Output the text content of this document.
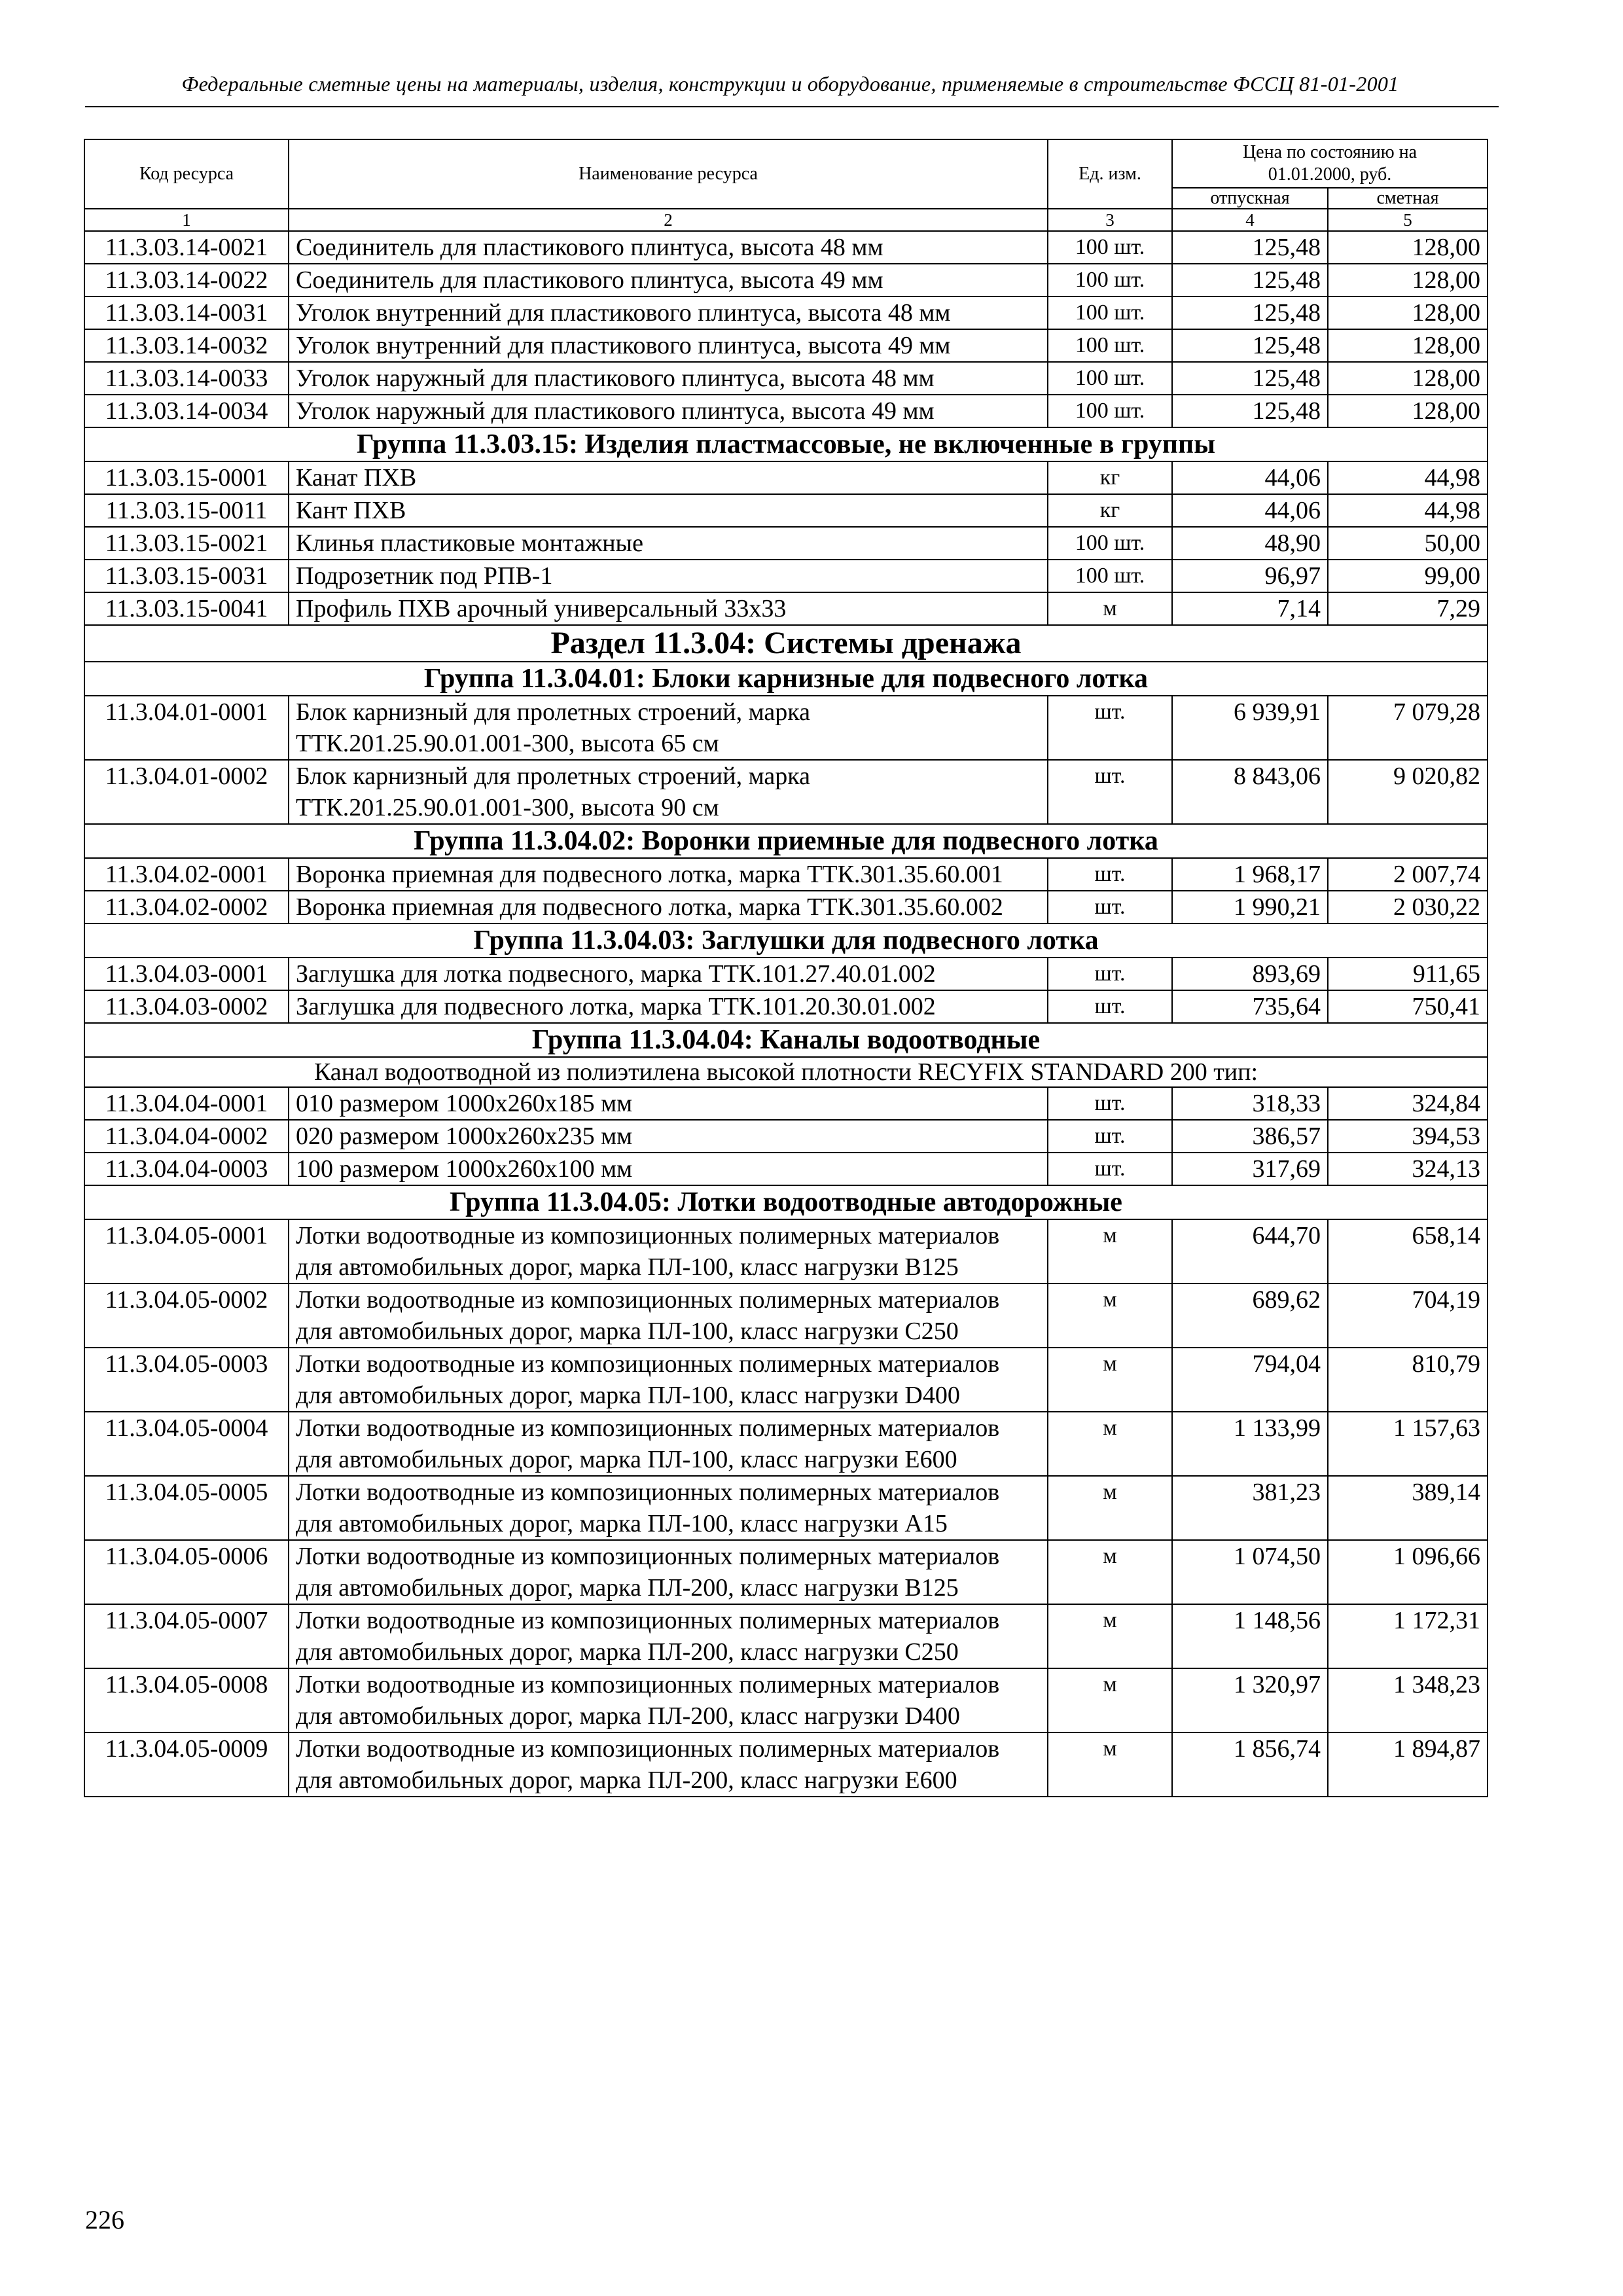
Федеральные сметные цены на материалы, изделия, конструкции и оборудование, применяемые в строительстве ФССЦ 81-01-2001
Код ресурса	Наименование ресурса	Ед. изм.	Цена по состоянию на 01.01.2000, руб.	
			отпускная	сметная
1	2	3	4	5
11.3.03.14-0021	Соединитель для пластикового плинтуса, высота 48 мм	100 шт.	125,48	128,00
11.3.03.14-0022	Соединитель для пластикового плинтуса, высота 49 мм	100 шт.	125,48	128,00
11.3.03.14-0031	Уголок внутренний для пластикового плинтуса, высота 48 мм	100 шт.	125,48	128,00
11.3.03.14-0032	Уголок внутренний для пластикового плинтуса, высота 49 мм	100 шт.	125,48	128,00
11.3.03.14-0033	Уголок наружный для пластикового плинтуса, высота 48 мм	100 шт.	125,48	128,00
11.3.03.14-0034	Уголок наружный для пластикового плинтуса, высота 49 мм	100 шт.	125,48	128,00
Группа 11.3.03.15: Изделия пластмассовые, не включенные в группы				
11.3.03.15-0001	Канат ПХВ	кг	44,06	44,98
11.3.03.15-0011	Кант ПХВ	кг	44,06	44,98
11.3.03.15-0021	Клинья пластиковые монтажные	100 шт.	48,90	50,00
11.3.03.15-0031	Подрозетник под РПВ-1	100 шт.	96,97	99,00
11.3.03.15-0041	Профиль ПХВ арочный универсальный 33х33	м	7,14	7,29
Раздел 11.3.04: Системы дренажа				
Группа 11.3.04.01: Блоки карнизные для подвесного лотка				
11.3.04.01-0001	Блок карнизный для пролетных строений, марка ТТК.201.25.90.01.001-300, высота 65 см	шт.	6 939,91	7 079,28
11.3.04.01-0002	Блок карнизный для пролетных строений, марка ТТК.201.25.90.01.001-300, высота 90 см	шт.	8 843,06	9 020,82
Группа 11.3.04.02: Воронки приемные для подвесного лотка				
11.3.04.02-0001	Воронка приемная для подвесного лотка, марка ТТК.301.35.60.001	шт.	1 968,17	2 007,74
11.3.04.02-0002	Воронка приемная для подвесного лотка, марка ТТК.301.35.60.002	шт.	1 990,21	2 030,22
Группа 11.3.04.03: Заглушки для подвесного лотка				
11.3.04.03-0001	Заглушка для лотка подвесного, марка ТТК.101.27.40.01.002	шт.	893,69	911,65
11.3.04.03-0002	Заглушка для подвесного лотка, марка ТТК.101.20.30.01.002	шт.	735,64	750,41
Группа 11.3.04.04: Каналы водоотводные				
Канал водоотводной из полиэтилена высокой плотности RECYFIX STANDARD 200 тип:				
11.3.04.04-0001	010 размером 1000х260х185 мм	шт.	318,33	324,84
11.3.04.04-0002	020 размером 1000х260х235 мм	шт.	386,57	394,53
11.3.04.04-0003	100 размером 1000х260х100 мм	шт.	317,69	324,13
Группа 11.3.04.05: Лотки водоотводные автодорожные				
11.3.04.05-0001	Лотки водоотводные из композиционных полимерных материалов для автомобильных дорог, марка ПЛ-100, класс нагрузки В125	м	644,70	658,14
11.3.04.05-0002	Лотки водоотводные из композиционных полимерных материалов для автомобильных дорог, марка ПЛ-100, класс нагрузки С250	м	689,62	704,19
11.3.04.05-0003	Лотки водоотводные из композиционных полимерных материалов для автомобильных дорог, марка ПЛ-100, класс нагрузки D400	м	794,04	810,79
11.3.04.05-0004	Лотки водоотводные из композиционных полимерных материалов для автомобильных дорог, марка ПЛ-100, класс нагрузки Е600	м	1 133,99	1 157,63
11.3.04.05-0005	Лотки водоотводные из композиционных полимерных материалов для автомобильных дорог, марка ПЛ-100, класс нагрузки А15	м	381,23	389,14
11.3.04.05-0006	Лотки водоотводные из композиционных полимерных материалов для автомобильных дорог, марка ПЛ-200, класс нагрузки В125	м	1 074,50	1 096,66
11.3.04.05-0007	Лотки водоотводные из композиционных полимерных материалов для автомобильных дорог, марка ПЛ-200, класс нагрузки С250	м	1 148,56	1 172,31
11.3.04.05-0008	Лотки водоотводные из композиционных полимерных материалов для автомобильных дорог, марка ПЛ-200, класс нагрузки D400	м	1 320,97	1 348,23
11.3.04.05-0009	Лотки водоотводные из композиционных полимерных материалов для автомобильных дорог, марка ПЛ-200, класс нагрузки Е600	м	1 856,74	1 894,87
226
